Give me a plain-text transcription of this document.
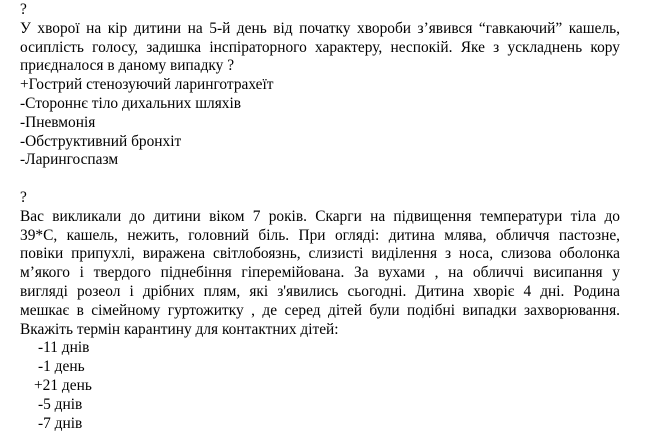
?
У хворої на кір дитини на 5-й день від початку хвороби з’явився “гавкаючий” кашель,
осиплість голосу, задишка інспіраторного характеру, неспокій. Яке з ускладнень кору
приєдналося в даному випадку ?
+Гострий стенозуючий ларинготрахеїт
-Стороннє тіло дихальних шляхів
-Пневмонія
-Обструктивний бронхіт
-Ларингоспазм
?
Вас викликали до дитини віком 7 років. Скарги на підвищення температури тіла до
39*С, кашель, нежить, головний біль. При огляді: дитина млява, обличчя пастозне,
повіки припухлі, виражена світлобоязнь, слизисті виділення з носа, слизова оболонка
м’якого і твердого піднебіння гіперемійована. За вухами , на обличчі висипання у
вигляді розеол і дрібних плям, які з'явились сьогодні. Дитина хворіє 4 дні. Родина
мешкає в сімейному гуртожитку , де серед дітей були подібні випадки захворювання.
Вкажіть термін карантину для контактних дітей:
-11 днів
-1 день
+21 день
-5 днів
-7 днів
